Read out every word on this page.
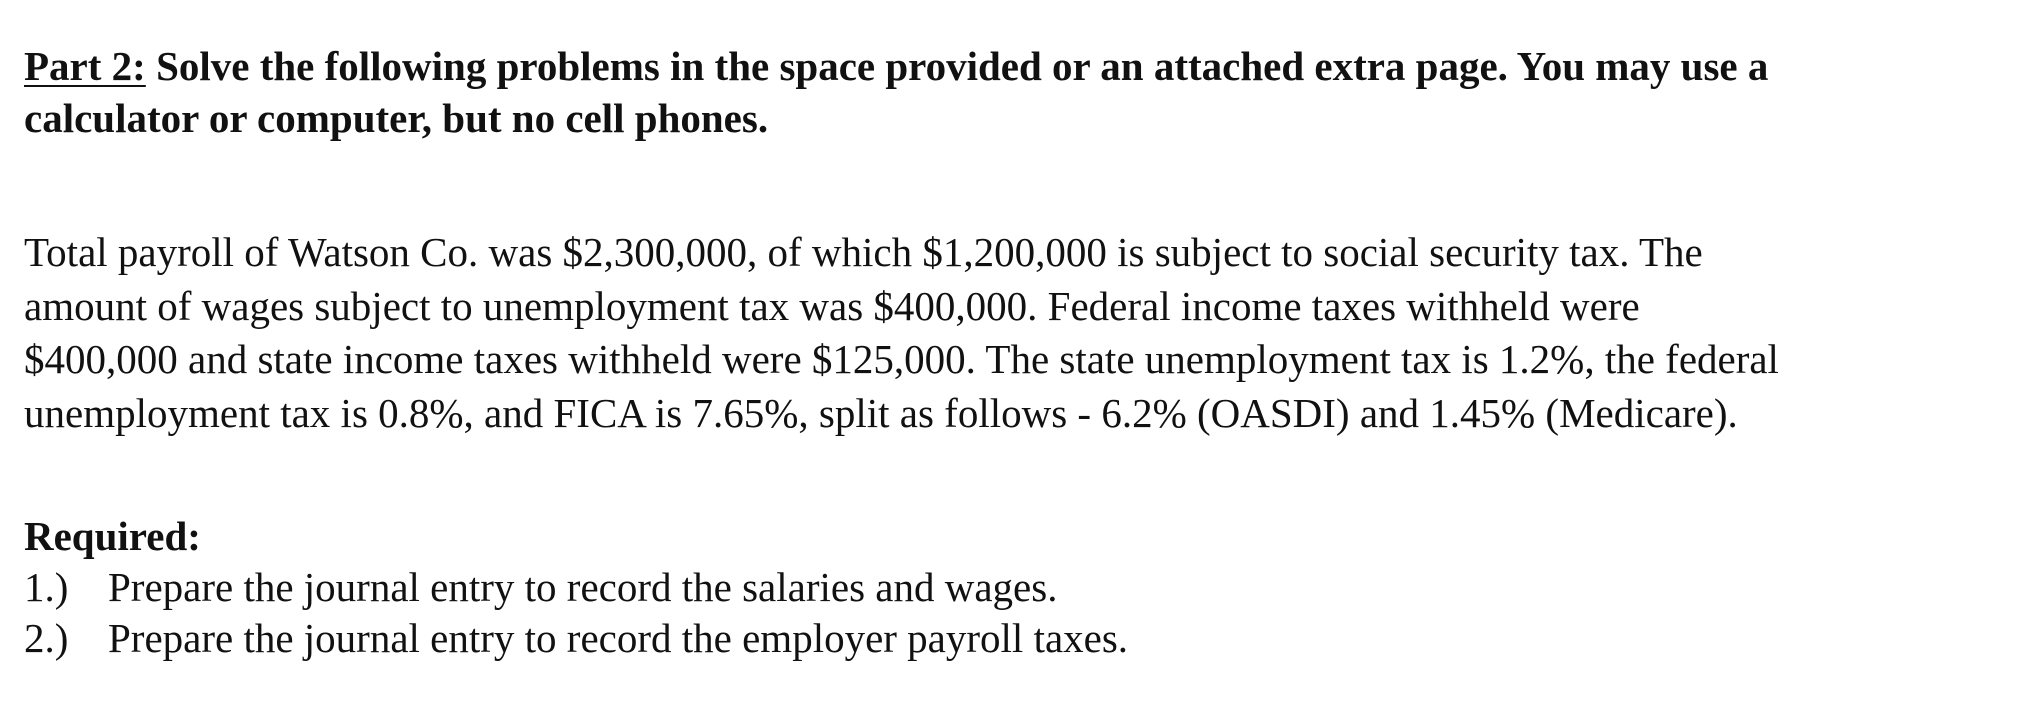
Part 2: Solve the following problems in the space provided or an attached extra page. You may use a calculator or computer, but no cell phones.

Total payroll of Watson Co. was $2,300,000, of which $1,200,000 is subject to social security tax. The
amount of wages subject to unemployment tax was $400,000. Federal income taxes withheld were
$400,000 and state income taxes withheld were $125,000. The state unemployment tax is 1.2%, the federal
unemployment tax is 0.8%, and FICA is 7.65%, split as follows - 6.2% (OASDI) and 1.45% (Medicare).

Required:

1.) Prepare the journal entry to record the salaries and wages.
2.) Prepare the journal entry to record the employer payroll taxes.
